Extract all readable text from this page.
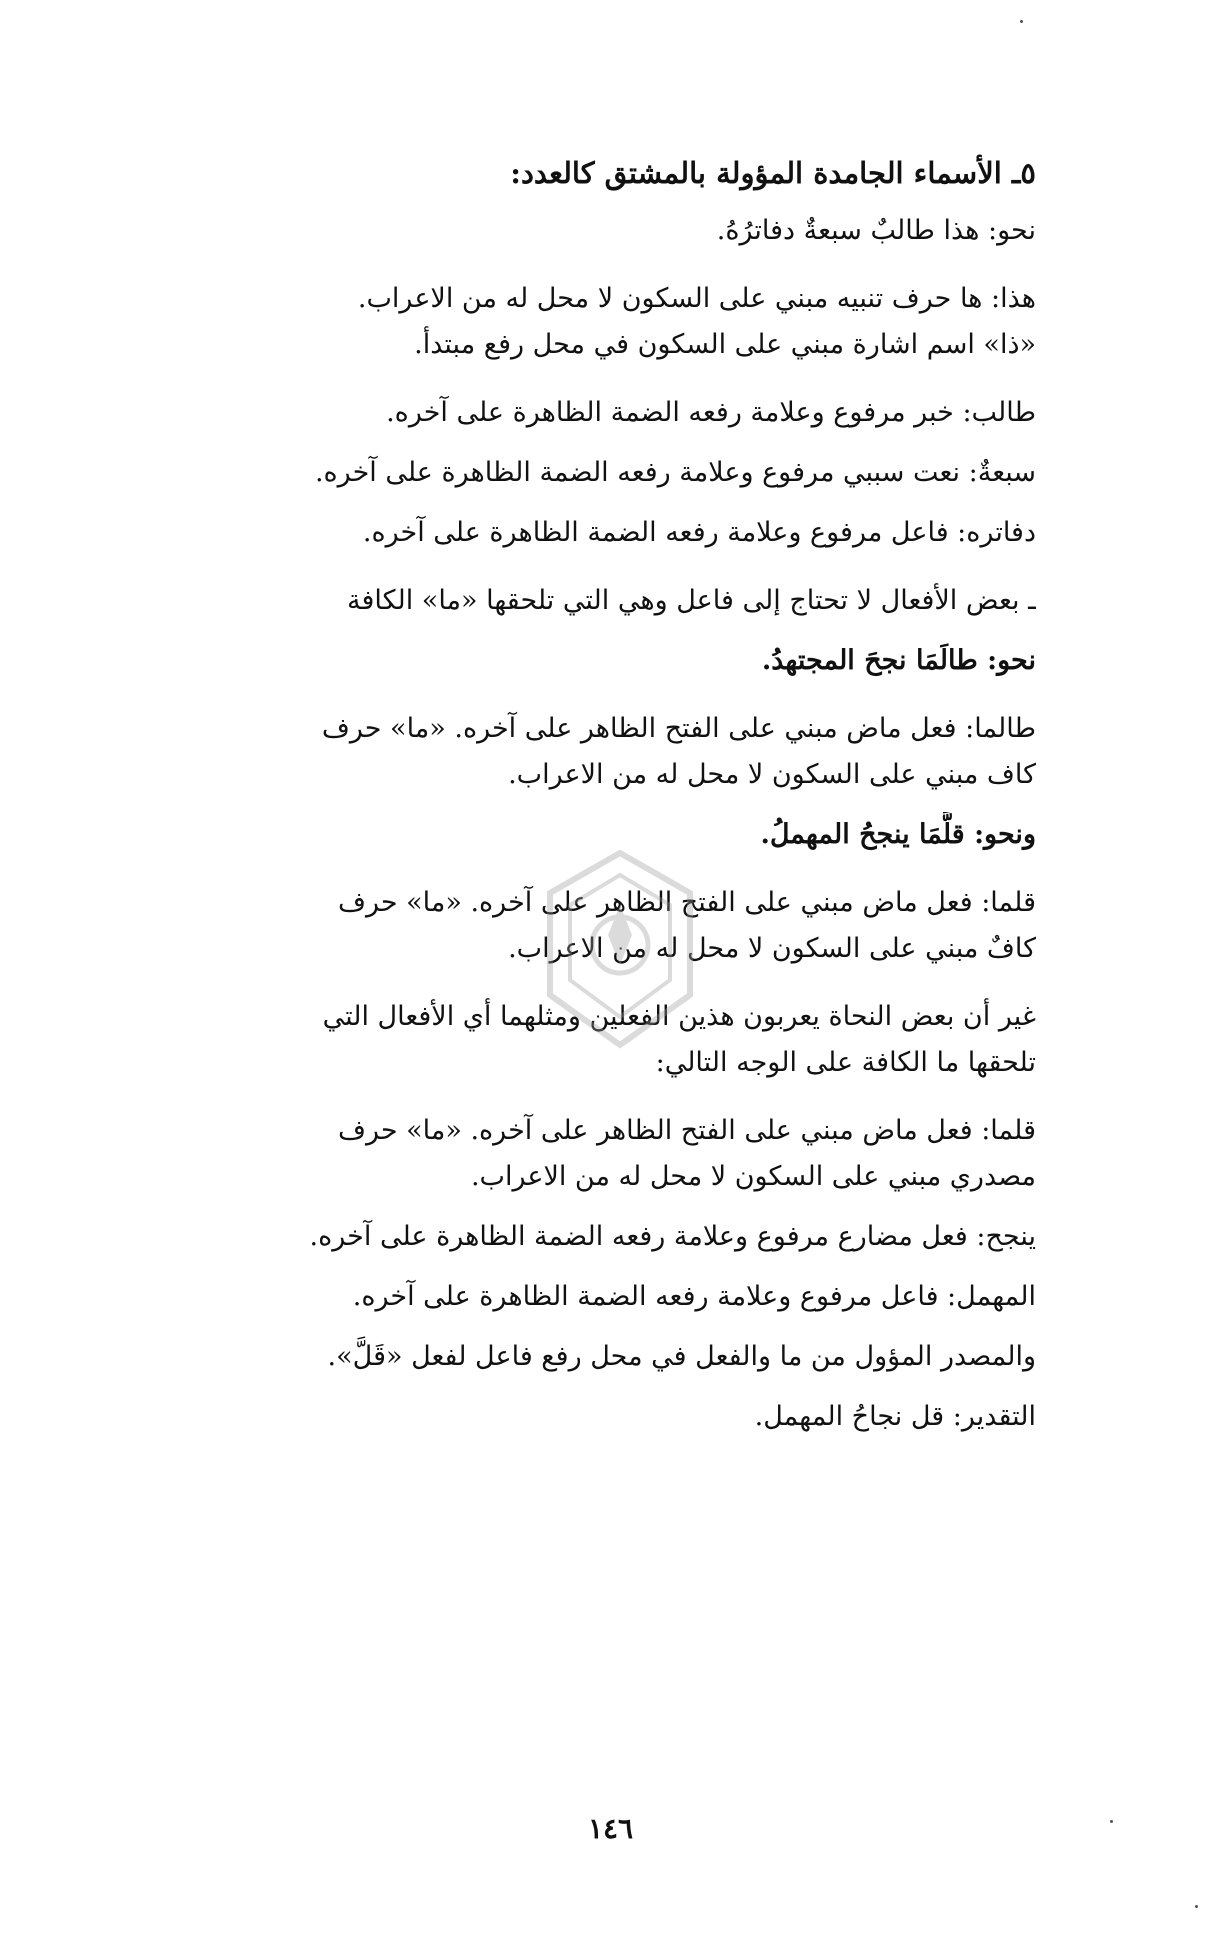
٥ـ الأسماء الجامدة المؤولة بالمشتق كالعدد:
نحو: هذا طالبٌ سبعةٌ دفاترُهُ.
هذا: ها حرف تنبيه مبني على السكون لا محل له من الاعراب.
«ذا» اسم اشارة مبني على السكون في محل رفع مبتدأ.
طالب: خبر مرفوع وعلامة رفعه الضمة الظاهرة على آخره.
سبعةٌ: نعت سببي مرفوع وعلامة رفعه الضمة الظاهرة على آخره.
دفاتره: فاعل مرفوع وعلامة رفعه الضمة الظاهرة على آخره.
ـ بعض الأفعال لا تحتاج إلى فاعل وهي التي تلحقها «ما» الكافة
نحو: طالَمَا نجحَ المجتهدُ.
طالما: فعل ماض مبني على الفتح الظاهر على آخره. «ما» حرف
كاف مبني على السكون لا محل له من الاعراب.
ونحو: قلَّمَا ينجحُ المهملُ.
قلما: فعل ماض مبني على الفتح الظاهر على آخره. «ما» حرف
كافٌ مبني على السكون لا محل له من الاعراب.
غير أن بعض النحاة يعربون هذين الفعلين ومثلهما أي الأفعال التي
تلحقها ما الكافة على الوجه التالي:
قلما: فعل ماض مبني على الفتح الظاهر على آخره. «ما» حرف
مصدري مبني على السكون لا محل له من الاعراب.
ينجح: فعل مضارع مرفوع وعلامة رفعه الضمة الظاهرة على آخره.
المهمل: فاعل مرفوع وعلامة رفعه الضمة الظاهرة على آخره.
والمصدر المؤول من ما والفعل في محل رفع فاعل لفعل «قَلَّ».
التقدير: قل نجاحُ المهمل.
١٤٦
